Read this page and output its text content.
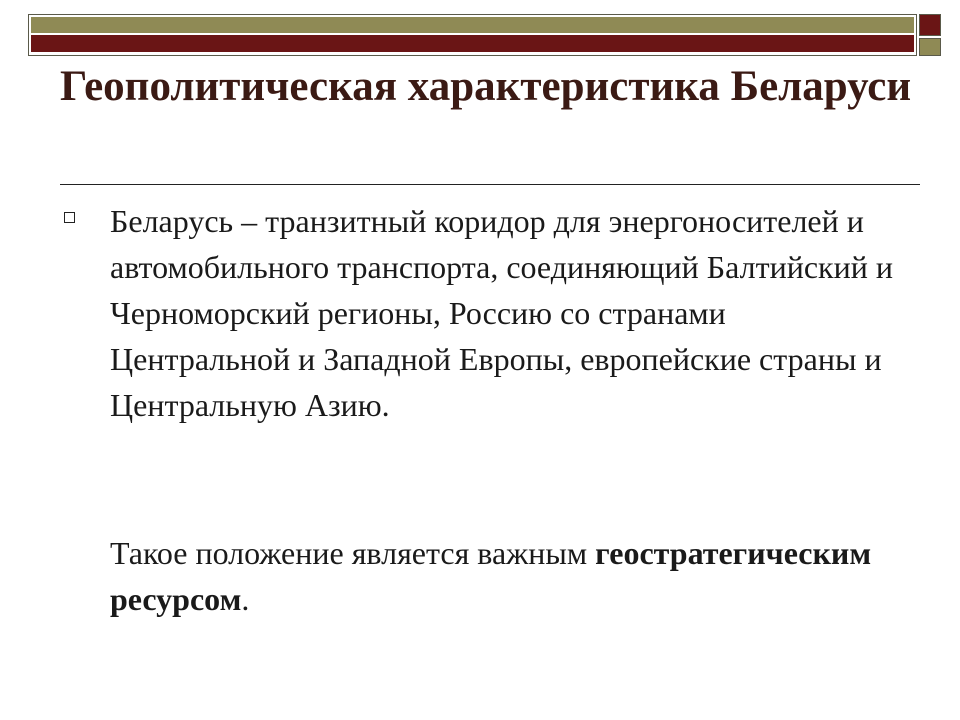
Геополитическая характеристика Беларуси

Беларусь – транзитный коридор для энергоносителей и автомобильного транспорта, соединяющий Балтийский и Черноморский регионы, Россию со странами Центральной и Западной Европы, европейские страны и Центральную Азию.

Такое положение является важным геостратегическим ресурсом.
